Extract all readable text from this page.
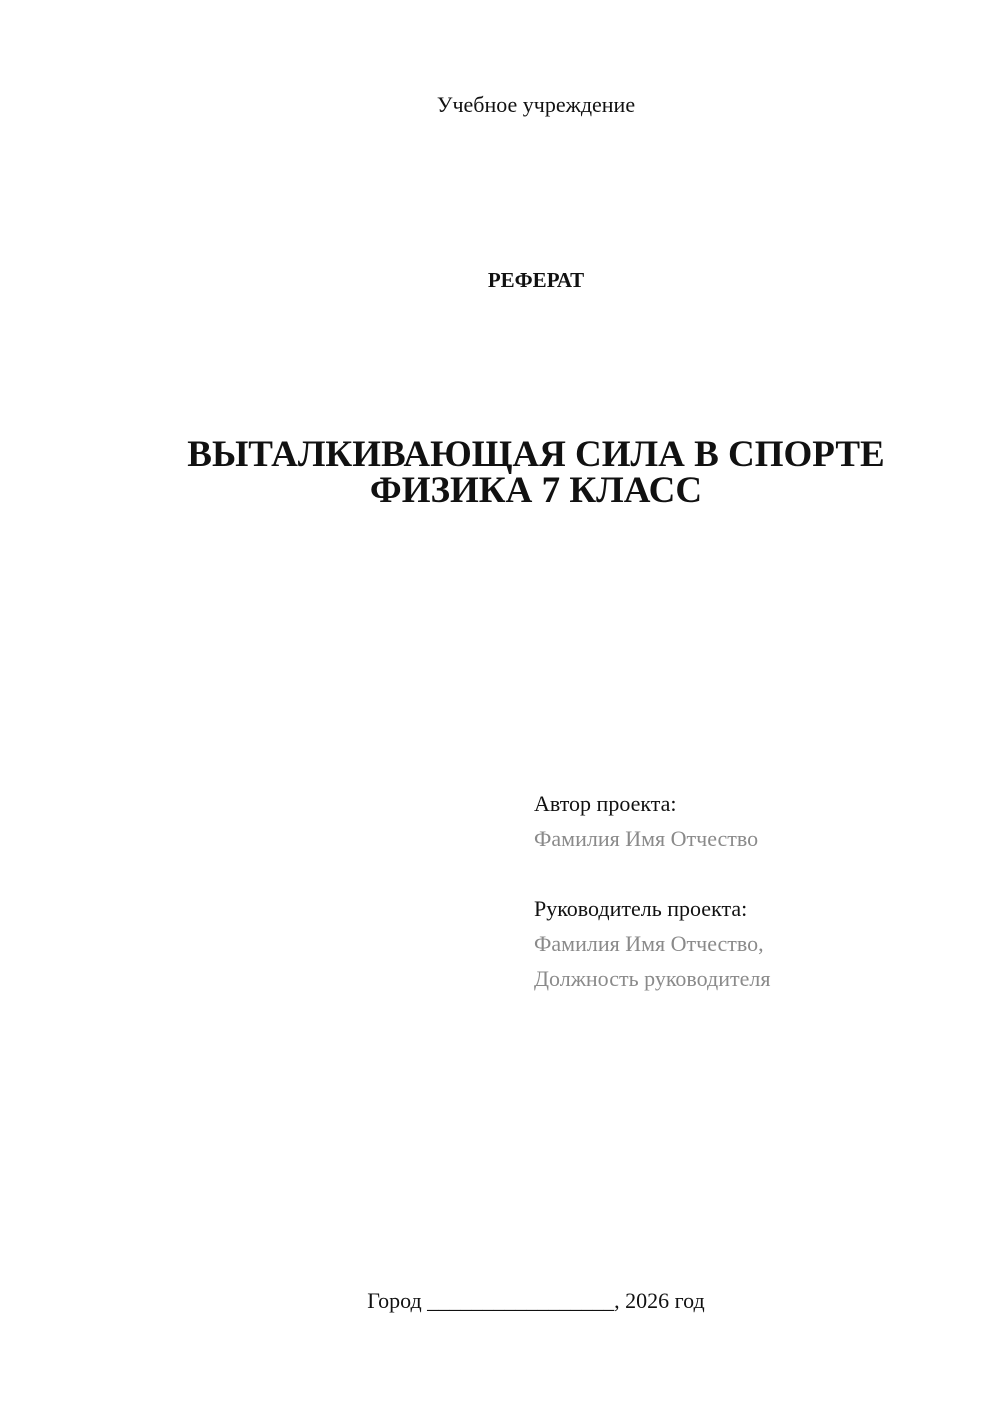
Учебное учреждение
РЕФЕРАТ
ВЫТАЛКИВАЮЩАЯ СИЛА В СПОРТЕ
ФИЗИКА 7 КЛАСС
Автор проекта:
Фамилия Имя Отчество
Руководитель проекта:
Фамилия Имя Отчество,
Должность руководителя
Город _________________, 2026 год
